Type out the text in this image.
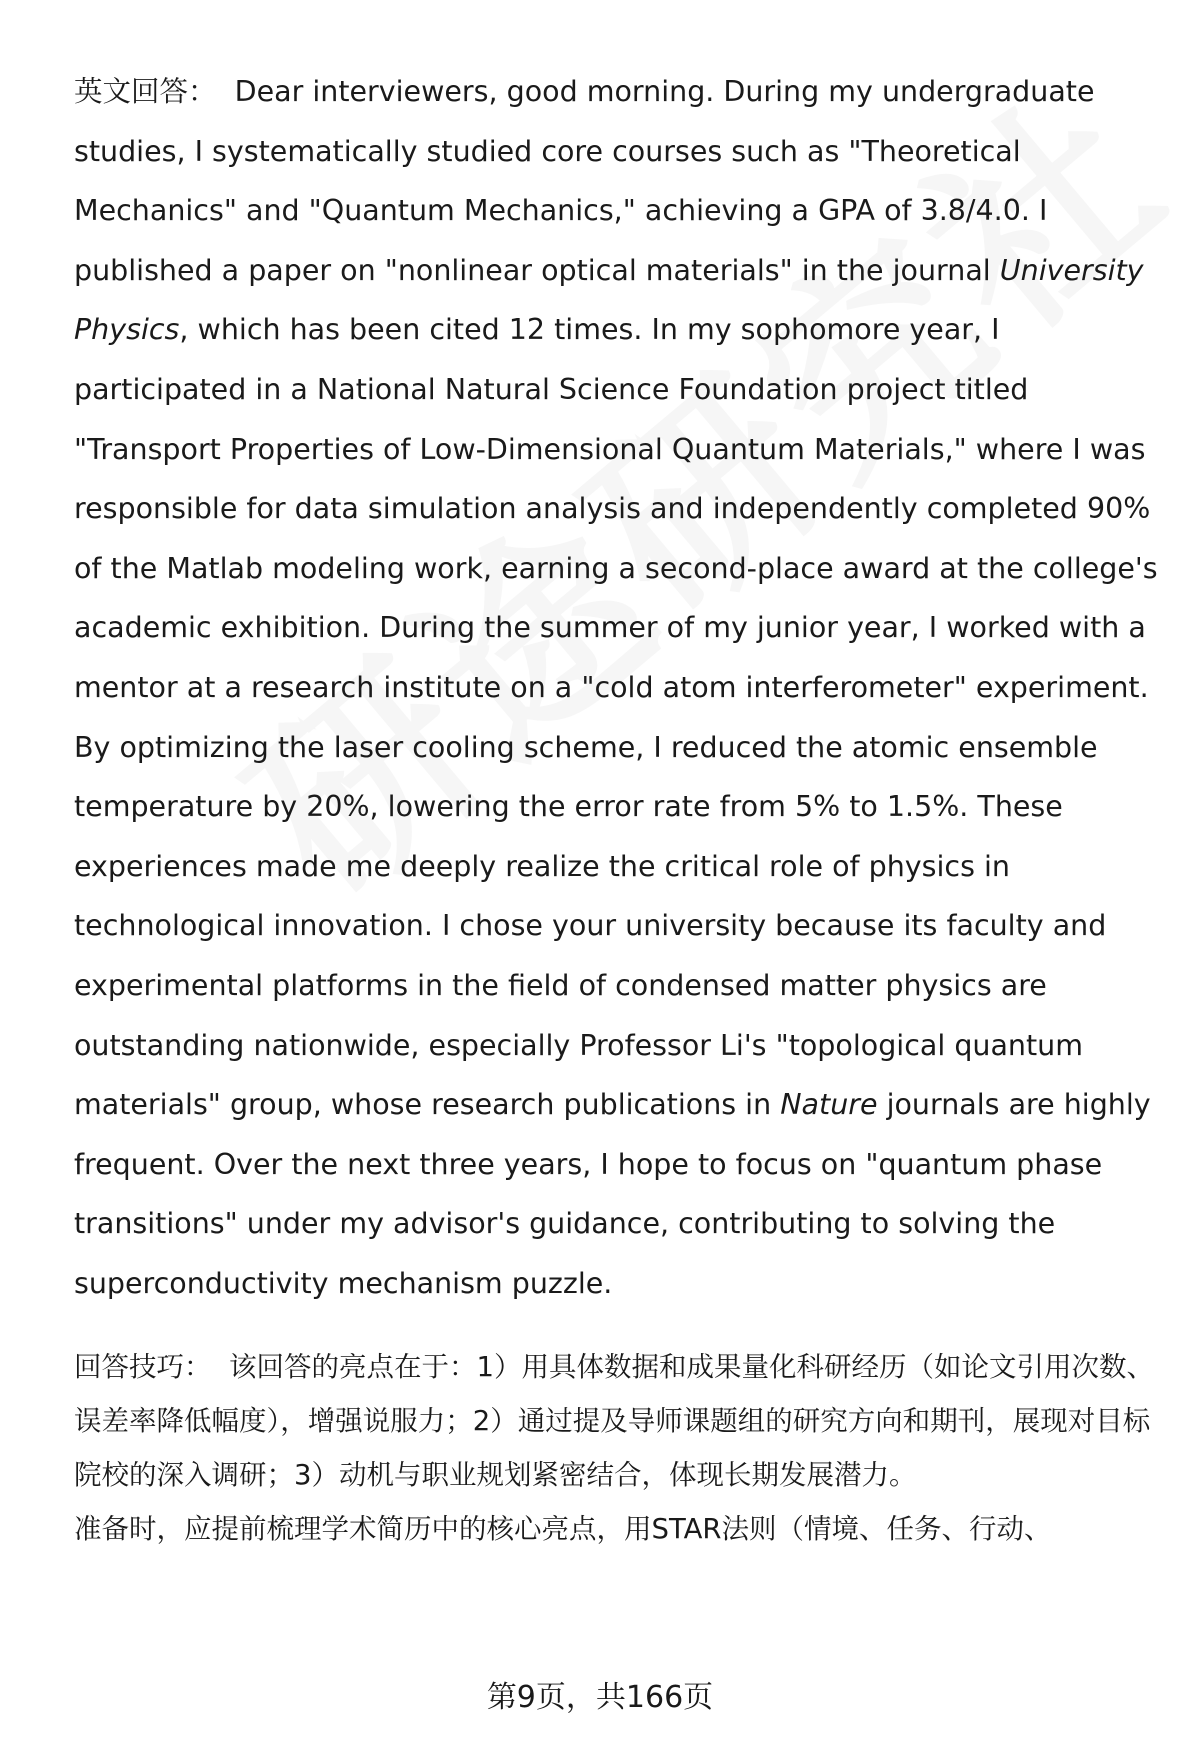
英文回答： Dear interviewers, good morning. During my undergraduate studies, I systematically studied core courses such as "Theoretical Mechanics" and "Quantum Mechanics," achieving a GPA of 3.8/4.0. I published a paper on "nonlinear optical materials" in the journal University Physics, which has been cited 12 times. In my sophomore year, I participated in a National Natural Science Foundation project titled "Transport Properties of Low-Dimensional Quantum Materials," where I was responsible for data simulation analysis and independently completed 90% of the Matlab modeling work, earning a second-place award at the college's academic exhibition. During the summer of my junior year, I worked with a mentor at a research institute on a "cold atom interferometer" experiment. By optimizing the laser cooling scheme, I reduced the atomic ensemble temperature by 20%, lowering the error rate from 5% to 1.5%. These experiences made me deeply realize the critical role of physics in technological innovation. I chose your university because its faculty and experimental platforms in the field of condensed matter physics are outstanding nationwide, especially Professor Li's "topological quantum materials" group, whose research publications in Nature journals are highly frequent. Over the next three years, I hope to focus on "quantum phase transitions" under my advisor's guidance, contributing to solving the superconductivity mechanism puzzle.

回答技巧： 该回答的亮点在于：1）用具体数据和成果量化科研经历（如论文引用次数、误差率降低幅度），增强说服力；2）通过提及导师课题组的研究方向和期刊，展现对目标院校的深入调研；3）动机与职业规划紧密结合，体现长期发展潜力。

准备时，应提前梳理学术简历中的核心亮点，用STAR法则（情境、任务、行动、

第9页，共166页
